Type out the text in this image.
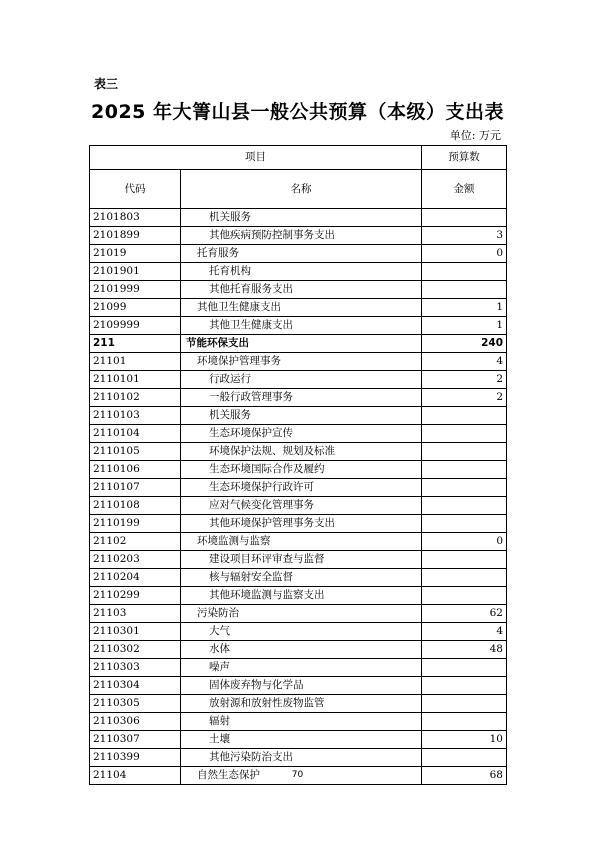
表三
2025 年大箐山县一般公共预算（本级）支出表
单位: 万元
项目		预算数
代码	名称	金额
2101803	机关服务	
2101899	其他疾病预防控制事务支出	3
21019	托育服务	0
2101901	托育机构	
2101999	其他托育服务支出	
21099	其他卫生健康支出	1
2109999	其他卫生健康支出	1
211	节能环保支出	240
21101	环境保护管理事务	4
2110101	行政运行	2
2110102	一般行政管理事务	2
2110103	机关服务	
2110104	生态环境保护宣传	
2110105	环境保护法规、规划及标准	
2110106	生态环境国际合作及履约	
2110107	生态环境保护行政许可	
2110108	应对气候变化管理事务	
2110199	其他环境保护管理事务支出	
21102	环境监测与监察	0
2110203	建设项目环评审查与监督	
2110204	核与辐射安全监督	
2110299	其他环境监测与监察支出	
21103	污染防治	62
2110301	大气	4
2110302	水体	48
2110303	噪声	
2110304	固体废弃物与化学品	
2110305	放射源和放射性废物监管	
2110306	辐射	
2110307	土壤	10
2110399	其他污染防治支出	
21104	自然生态保护	68
70
